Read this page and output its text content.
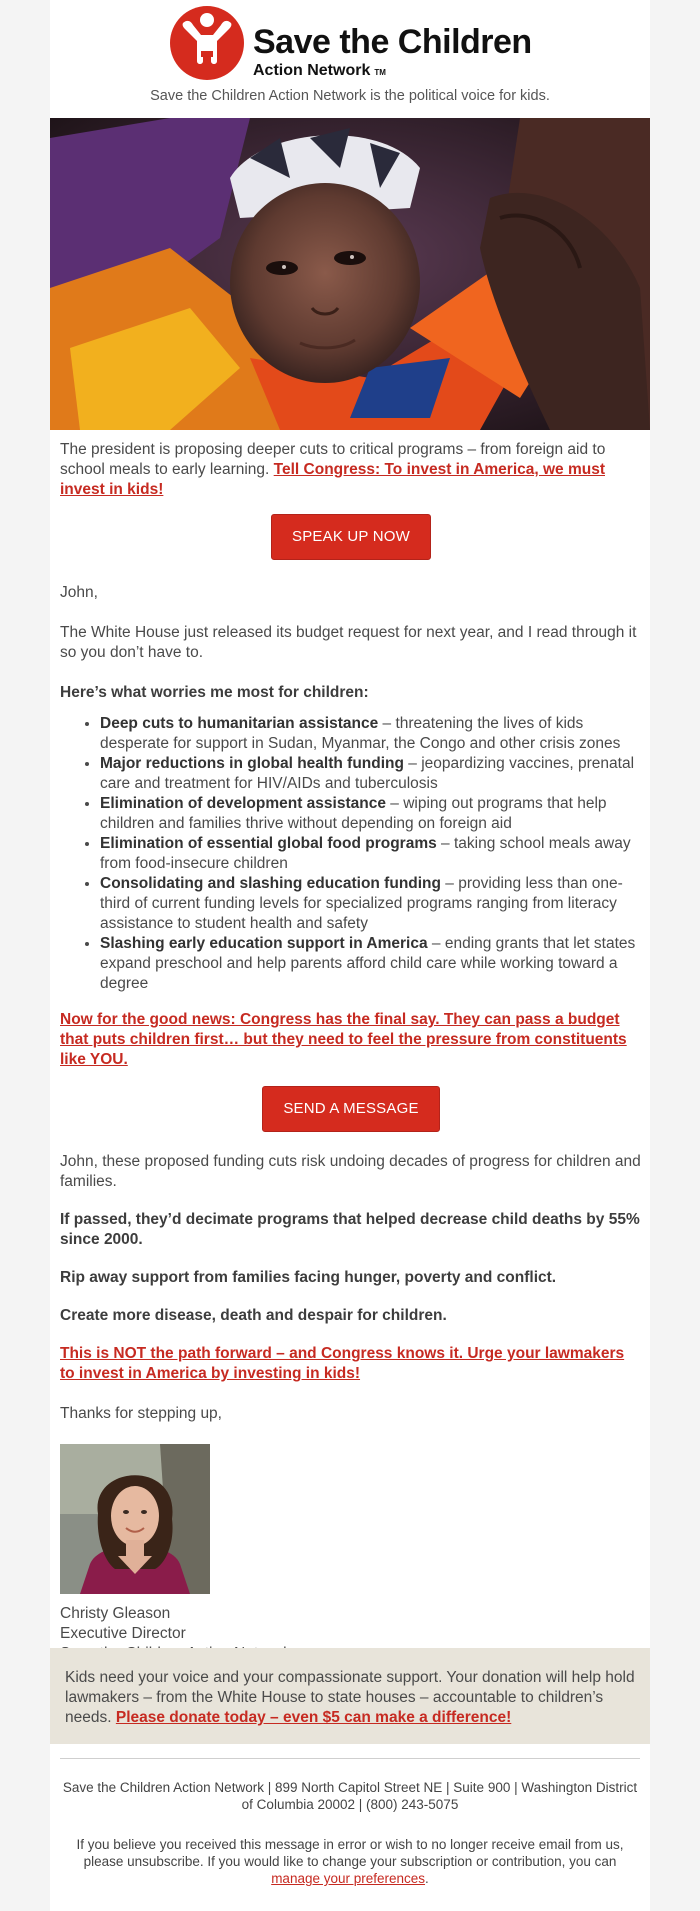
Save the Children
Action Network TM
Save the Children Action Network is the political voice for kids.

The president is proposing deeper cuts to critical programs – from foreign aid to school meals to early learning. Tell Congress: To invest in America, we must invest in kids!

SPEAK UP NOW

John,

The White House just released its budget request for next year, and I read through it so you don’t have to.

Here’s what worries me most for children:
• Deep cuts to humanitarian assistance – threatening the lives of kids desperate for support in Sudan, Myanmar, the Congo and other crisis zones
• Major reductions in global health funding – jeopardizing vaccines, prenatal care and treatment for HIV/AIDs and tuberculosis
• Elimination of development assistance – wiping out programs that help children and families thrive without depending on foreign aid
• Elimination of essential global food programs – taking school meals away from food-insecure children
• Consolidating and slashing education funding – providing less than one-third of current funding levels for specialized programs ranging from literacy assistance to student health and safety
• Slashing early education support in America – ending grants that let states expand preschool and help parents afford child care while working toward a degree

Now for the good news: Congress has the final say. They can pass a budget that puts children first… but they need to feel the pressure from constituents like YOU.

SEND A MESSAGE

John, these proposed funding cuts risk undoing decades of progress for children and families.

If passed, they’d decimate programs that helped decrease child deaths by 55% since 2000.

Rip away support from families facing hunger, poverty and conflict.

Create more disease, death and despair for children.

This is NOT the path forward – and Congress knows it. Urge your lawmakers to invest in America by investing in kids!

Thanks for stepping up,

Christy Gleason

Executive Director

Kids need your voice and your compassionate support. Your donation will help hold lawmakers – from the White House to state houses – accountable to children’s needs. Please donate today – even $5 can make a difference!

Save the Children Action Network | 899 North Capitol Street NE | Suite 900 | Washington District of Columbia 20002 | (800) 243-5075

If you believe you received this message in error or wish to no longer receive email from us, please unsubscribe. If you would like to change your subscription or contribution, you can manage your preferences.
